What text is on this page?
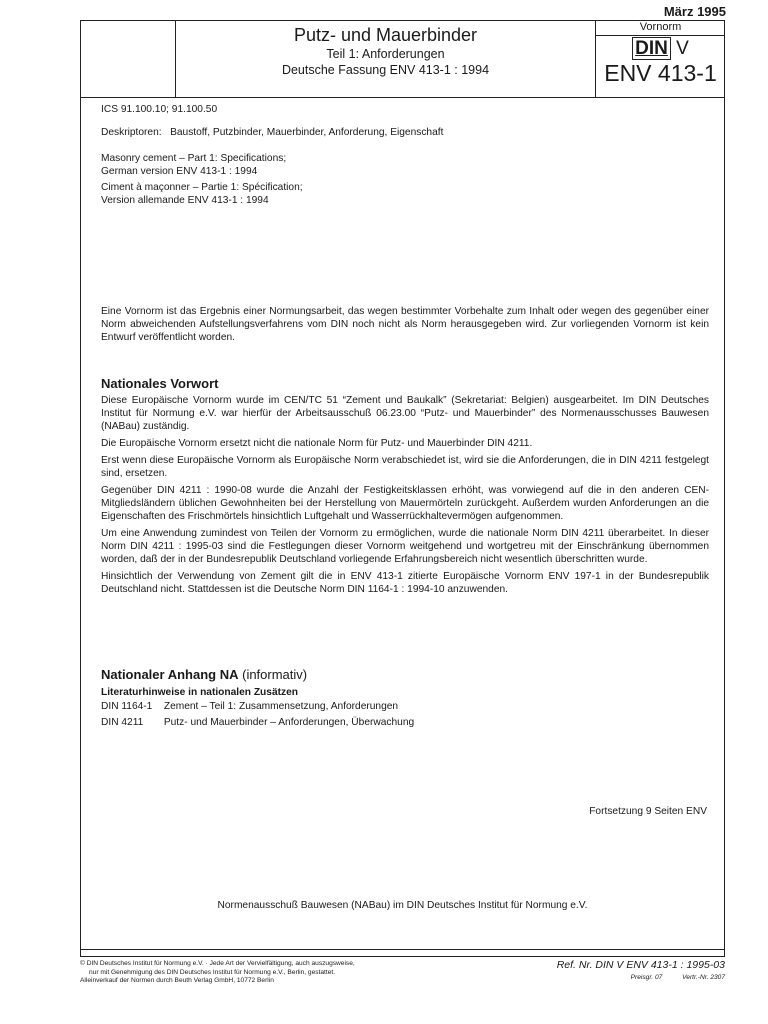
März 1995
Putz- und Mauerbinder
Teil 1: Anforderungen
Deutsche Fassung ENV 413-1 : 1994
Vornorm
DIN V
ENV 413-1
ICS 91.100.10; 91.100.50
Deskriptoren:   Baustoff, Putzbinder, Mauerbinder, Anforderung, Eigenschaft
Masonry cement – Part 1: Specifications;
German version ENV 413-1 : 1994
Ciment à maçonner – Partie 1: Spécification;
Version allemande ENV 413-1 : 1994
Eine Vornorm ist das Ergebnis einer Normungsarbeit, das wegen bestimmter Vorbehalte zum Inhalt oder wegen des gegenüber einer Norm abweichenden Aufstellungsverfahrens vom DIN noch nicht als Norm herausgegeben wird. Zur vorliegenden Vornorm ist kein Entwurf veröffentlicht worden.
Nationales Vorwort

Diese Europäische Vornorm wurde im CEN/TC 51 “Zement und Baukalk” (Sekretariat: Belgien) ausgearbeitet. Im DIN Deutsches Institut für Normung e.V. war hierfür der Arbeitsausschuß 06.23.00 “Putz- und Mauerbinder” des Normenausschusses Bauwesen (NABau) zuständig.

Die Europäische Vornorm ersetzt nicht die nationale Norm für Putz- und Mauerbinder DIN 4211.

Erst wenn diese Europäische Vornorm als Europäische Norm verabschiedet ist, wird sie die Anforderungen, die in DIN 4211 festgelegt sind, ersetzen.

Gegenüber DIN 4211 : 1990-08 wurde die Anzahl der Festigkeitsklassen erhöht, was vorwiegend auf die in den anderen CEN-Mitgliedsländern üblichen Gewohnheiten bei der Herstellung von Mauermörteln zurückgeht. Außerdem wurden Anforderungen an die Eigenschaften des Frischmörtels hinsichtlich Luftgehalt und Wasserrückhaltevermögen aufgenommen.

Um eine Anwendung zumindest von Teilen der Vornorm zu ermöglichen, wurde die nationale Norm DIN 4211 überarbeitet. In dieser Norm DIN 4211 : 1995-03 sind die Festlegungen dieser Vornorm weitgehend und wortgetreu mit der Einschränkung übernommen worden, daß der in der Bundesrepublik Deutschland vorliegende Erfahrungsbereich nicht wesentlich überschritten wurde.

Hinsichtlich der Verwendung von Zement gilt die in ENV 413-1 zitierte Europäische Vornorm ENV 197-1 in der Bundesrepublik Deutschland nicht. Stattdessen ist die Deutsche Norm DIN 1164-1 : 1994-10 anzuwenden.

Nationaler Anhang NA (informativ)
Literaturhinweise in nationalen Zusätzen
DIN 1164-1 Zement – Teil 1: Zusammensetzung, Anforderungen
DIN 4211 Putz- und Mauerbinder – Anforderungen, Überwachung
Fortsetzung 9 Seiten ENV
Normenausschuß Bauwesen (NABau) im DIN Deutsches Institut für Normung e.V.
© DIN Deutsches Institut für Normung e.V. · Jede Art der Vervielfältigung, auch auszugsweise,
nur mit Genehmigung des DIN Deutsches Institut für Normung e.V., Berlin, gestattet.
Alleinverkauf der Normen durch Beuth Verlag GmbH, 10772 Berlin
Ref. Nr. DIN V ENV 413-1 : 1995-03
Preisgr. 07	Vertr.-Nr. 2307
